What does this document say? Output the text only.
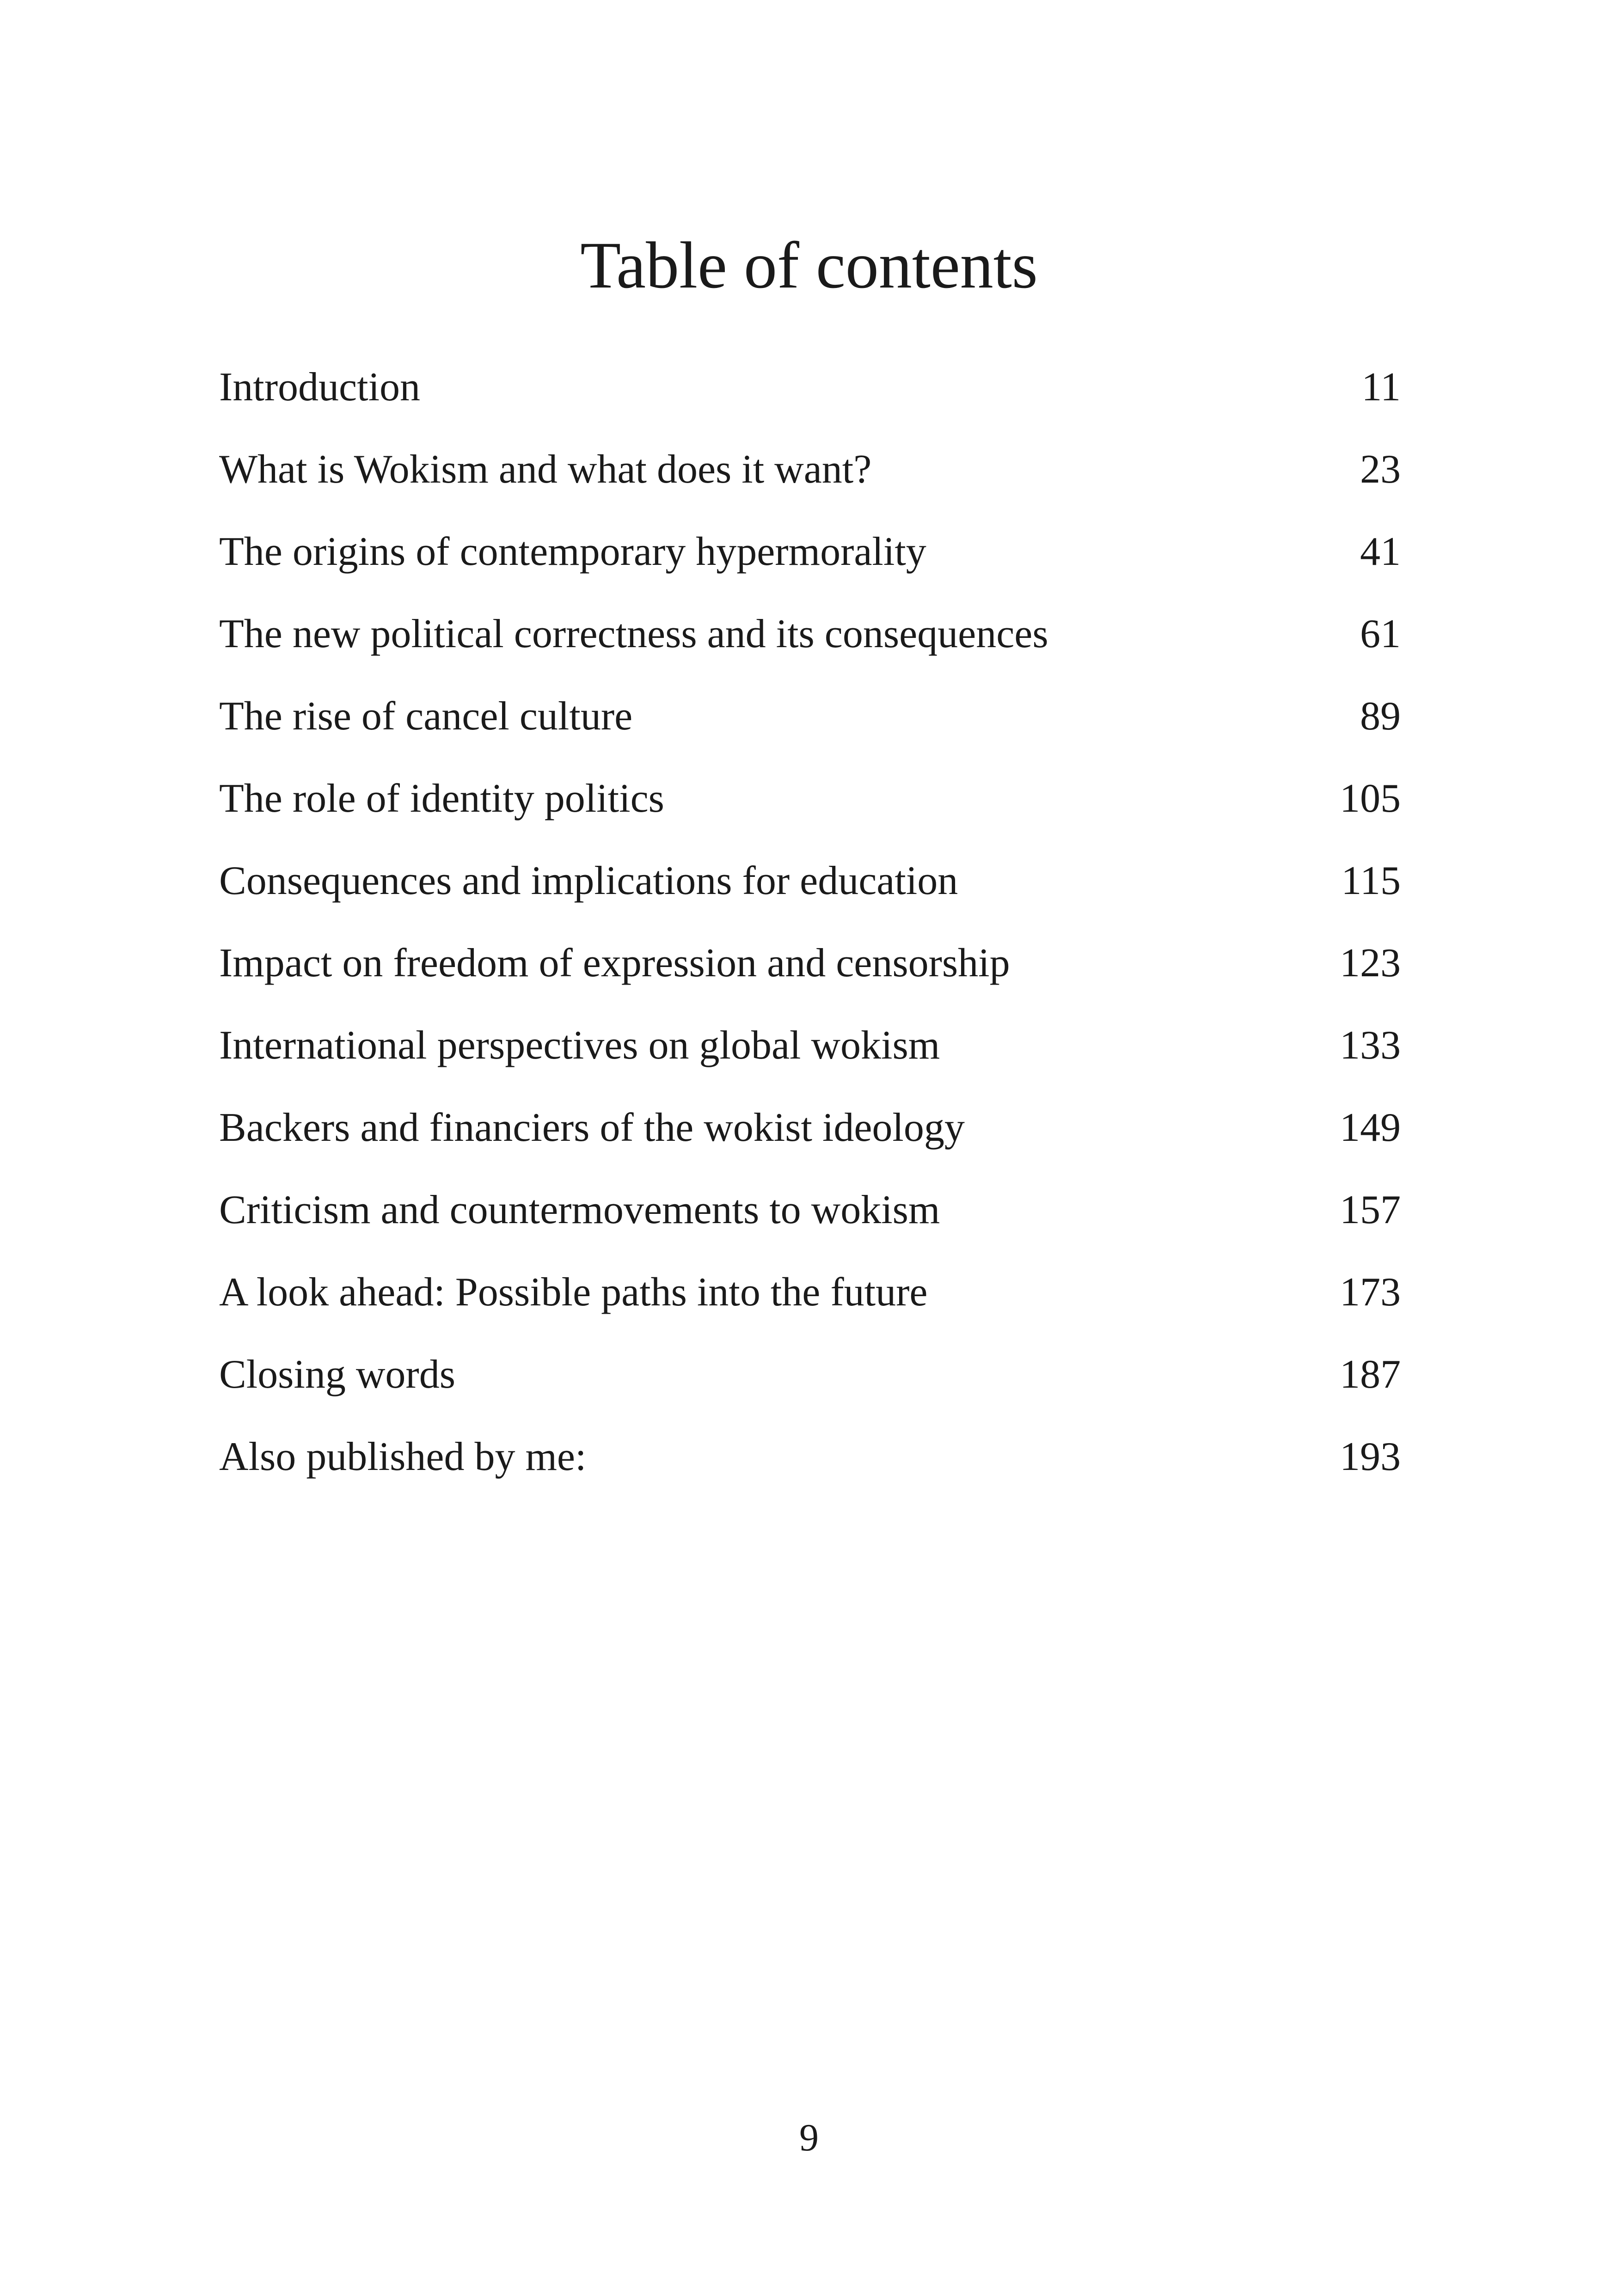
Table of contents
Introduction	11
What is Wokism and what does it want?	23
The origins of contemporary hypermorality	41
The new political correctness and its consequences	61
The rise of cancel culture	89
The role of identity politics	105
Consequences and implications for education	115
Impact on freedom of expression and censorship	123
International perspectives on global wokism	133
Backers and financiers of the wokist ideology	149
Criticism and countermovements to wokism	157
A look ahead: Possible paths into the future	173
Closing words	187
Also published by me:	193
9
